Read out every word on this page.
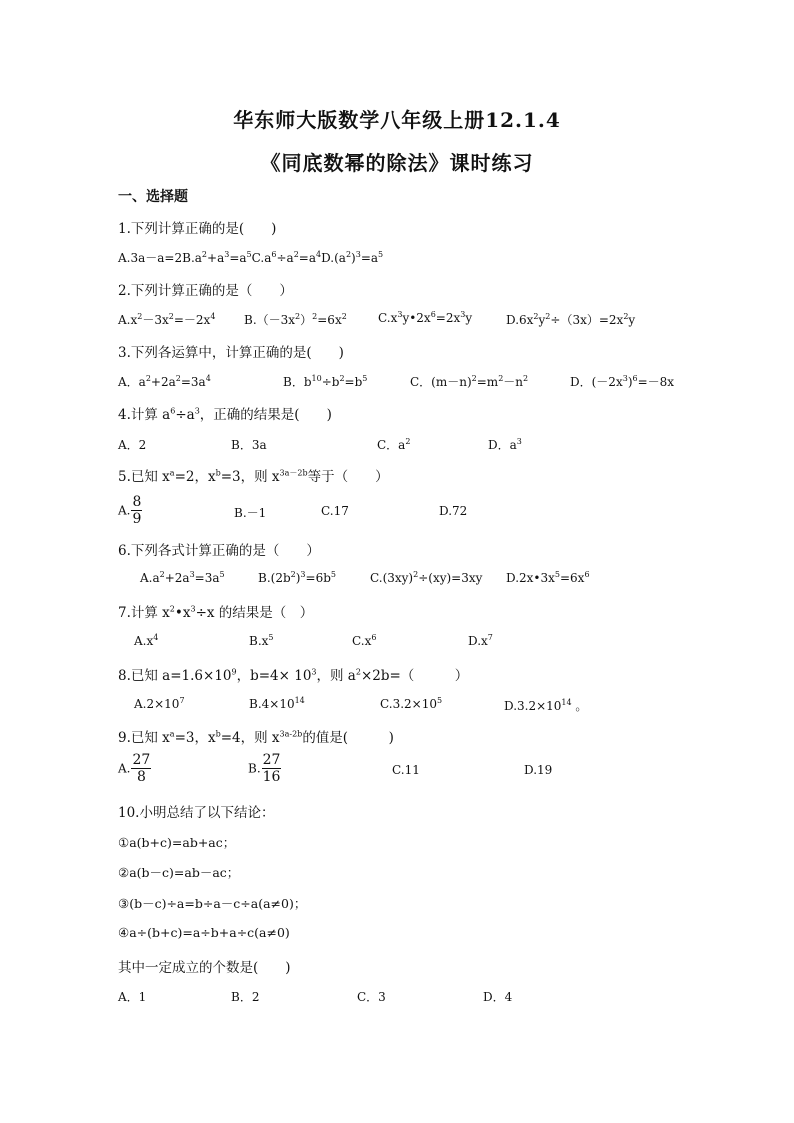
华东师大版数学八年级上册12.1.4
《同底数幂的除法》课时练习
一、选择题
1.下列计算正确的是(　　)
$A.3a-a=2B.a^2+a^3=a^5C.a^6\div a^2=a^4D.(a^2)^3=a^5$
2.下列计算正确的是（　　）
$A.x^2-3x^2=-2x^4$ $B.(-3x^2)^2=6x^2$	$C.x^3y•2x^6=2x^3y$	$D.6x^2y^2\div(3x)=2x^2y$
3.下列各运算中，计算正确的是(　　)
A．$a^2+2a^2=3a^4$	B．$b^{10}\div b^2=b^5$	C．$(m-n)^2=m^2-n^2$	D．$(-2x^3)^6=-8x$
4.计算 $a^6\div a^3$，正确的结果是(　　)
A．2	B．3a	C．$a^2$	D．$a^3$
5.已知 $x^a=2$，$x^b=3$，则 $x^{3a-2b}$等于（　　）
A. $\frac{8}{9}$	B.－1	C.17	D.72
6.下列各式计算正确的是（　　）
$A.a^2+2a^3=3a^5$	$B.(2b^2)^3=6b^5$	$C.(3xy)^2\div(xy)=3xy$ $D.2x•3x^5=6x^6$
7.计算 $x^2•x^3\div x$ 的结果是（　）
$A.x^4$	$B.x^5$	$C.x^6$	$D.x^7$
8.已知 $a=1.6\times 10^9$，$b=4\times 10^3$，则 $a^2\times 2b=$（　　　）
$A.2\times 10^7$	$B.4\times 10^{14}$	$C.3.2\times 10^5$	$D.3.2\times 10^{14}$ 。
9.已知 $x^a=3$，$x^b=4$，则 $x^{3a-2b}$的值是(　　　)
A. $\frac{27}{8}$	B. $\frac{27}{16}$	C.11	D.19
10.小明总结了以下结论：
①a(b+c)=ab+ac；
②a(b－c)=ab－ac；
③(b－c)÷a=b÷a－c÷a(a≠0)；
④a÷(b+c)=a÷b+a÷c(a≠0)
其中一定成立的个数是(　　)
A．1	B．2	C．3	D．4
